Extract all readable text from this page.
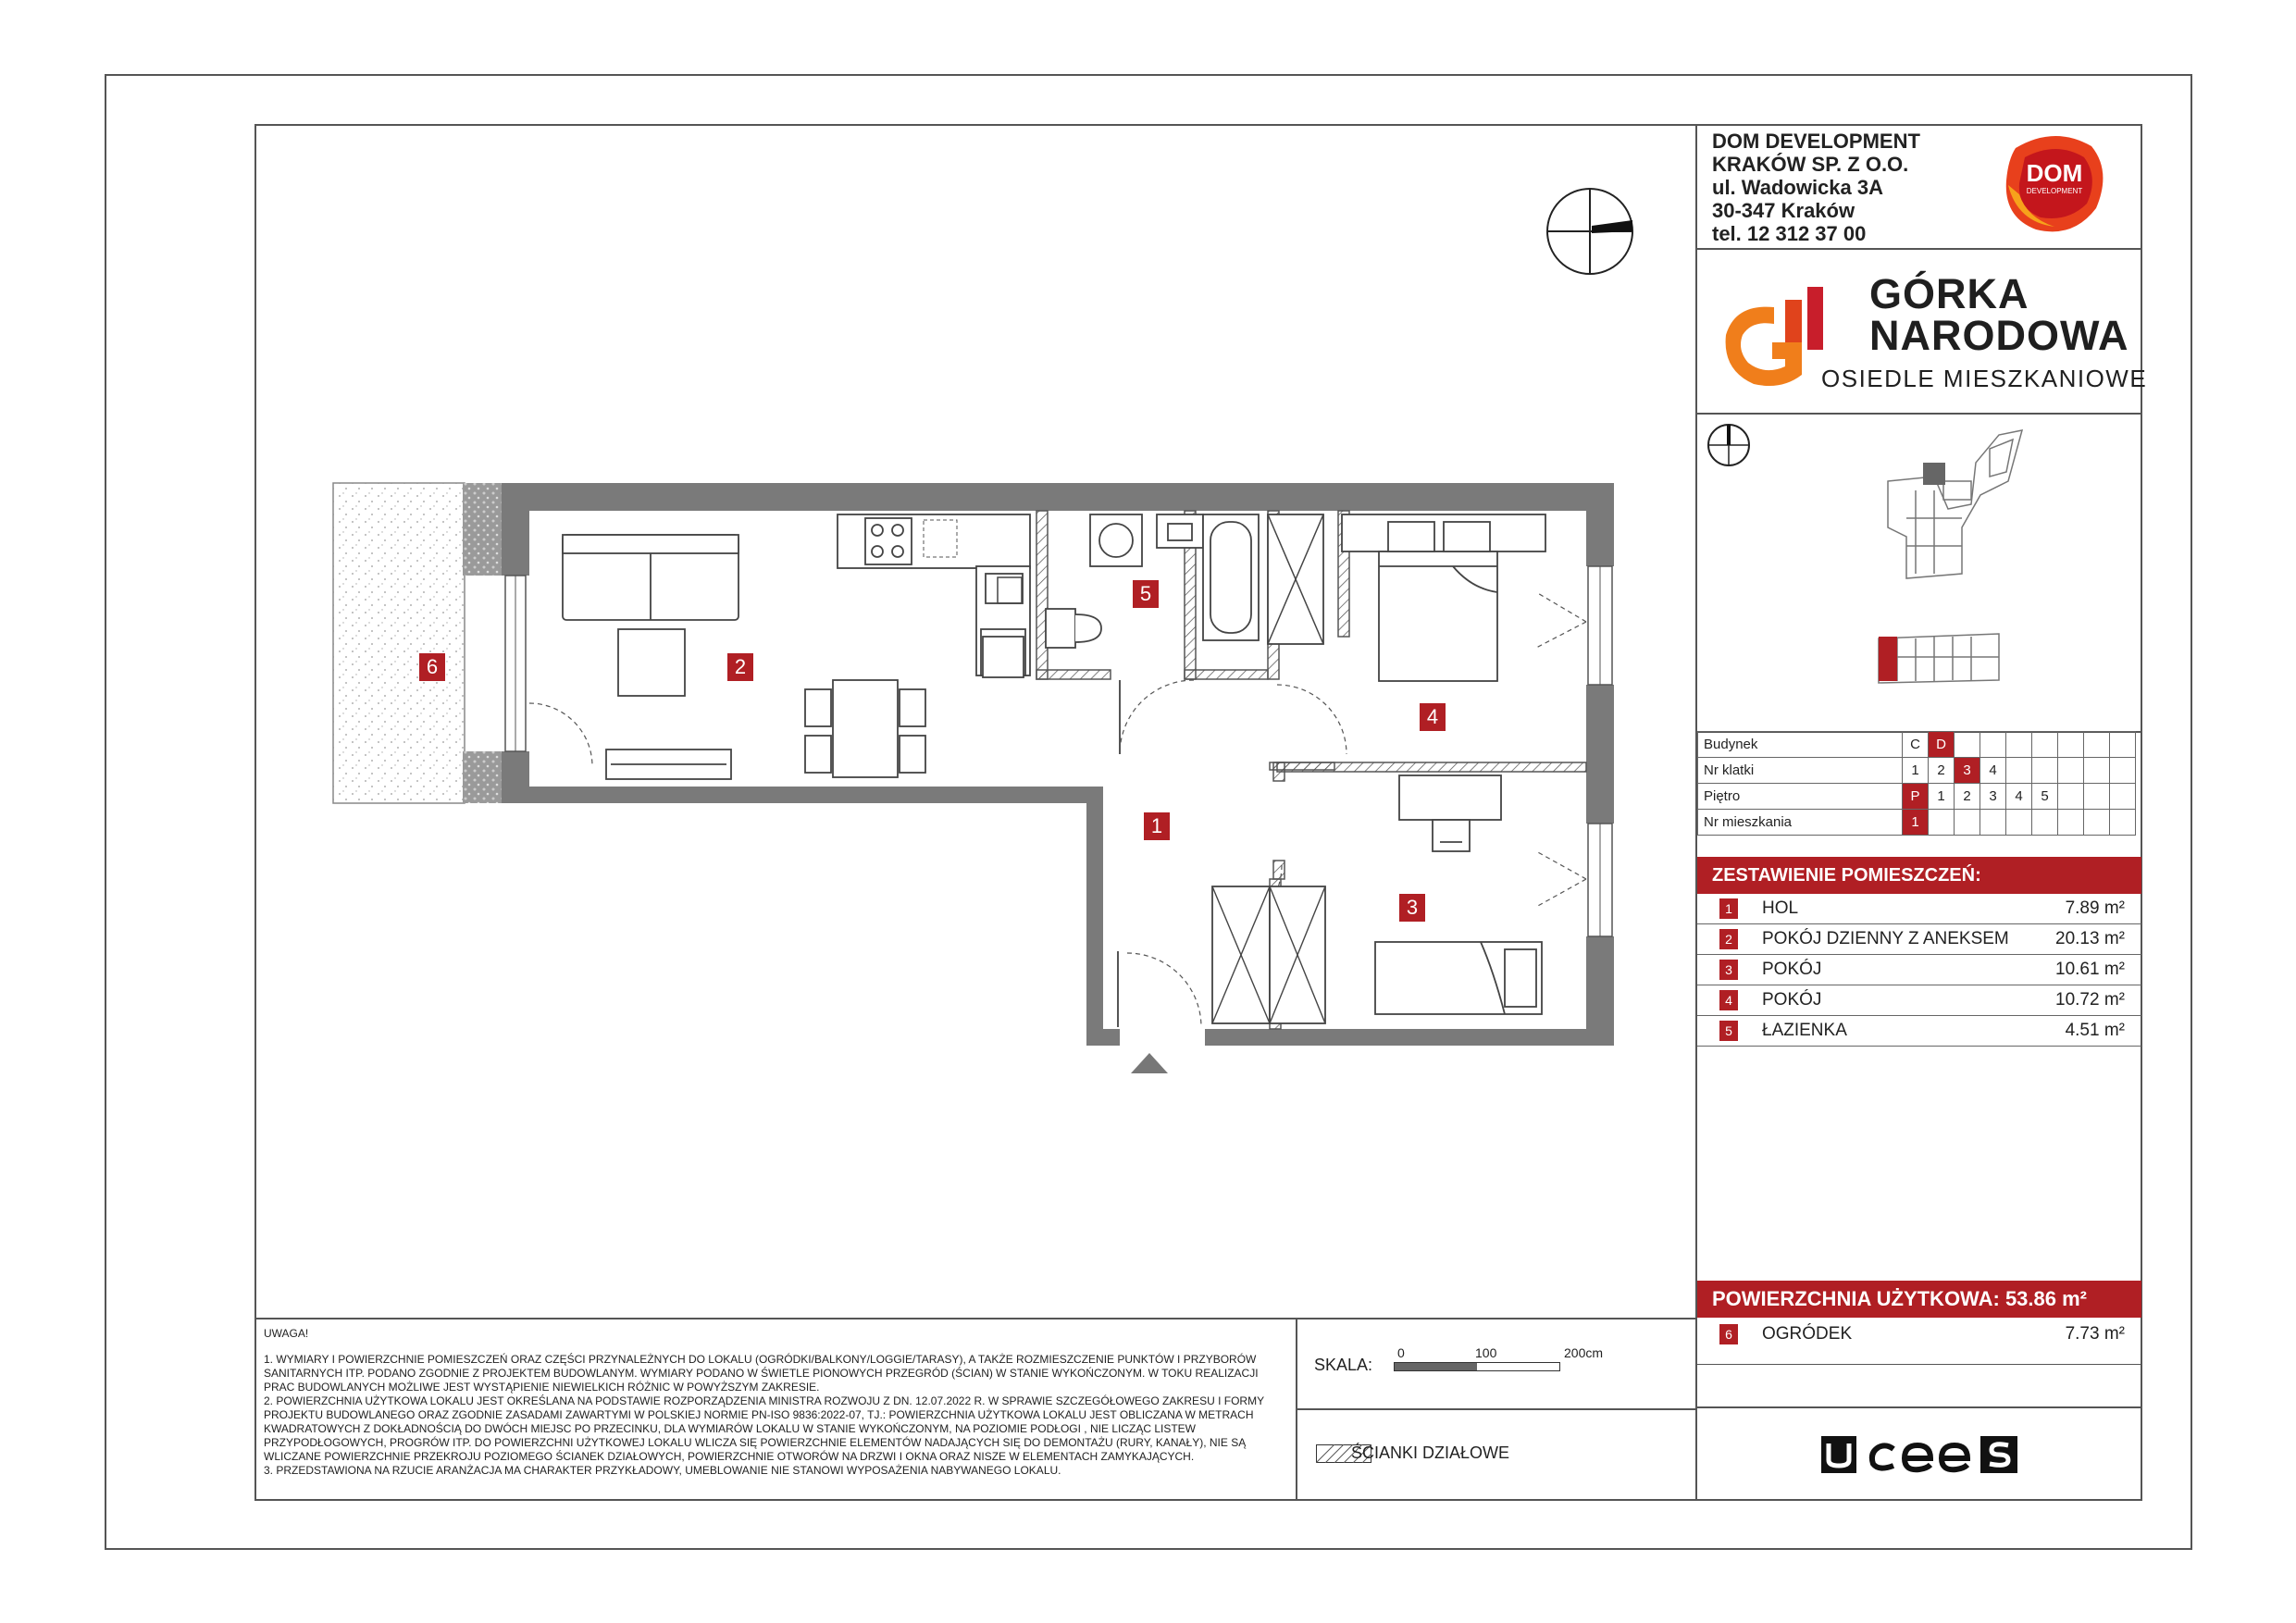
DOM DEVELOPMENT
KRAKÓW SP. Z O.O.
ul. Wadowicka 3A
30-347 Kraków
tel. 12 312 37 00
DOM
DEVELOPMENT
GÓRKA
NARODOWA
OSIEDLE MIESZKANIOWE
Budynek	C	D							
Nr klatki	1	2	3	4					
Piętro	P	1	2	3	4	5			
Nr mieszkania	1								
ZESTAWIENIE POMIESZCZEŃ:
1	HOL	7.89 m²
2	POKÓJ DZIENNY Z ANEKSEM	20.13 m²
3	POKÓJ	10.61 m²
4	POKÓJ	10.72 m²
5	ŁAZIENKA	4.51 m²
POWIERZCHNIA UŻYTKOWA: 53.86 m²
6	OGRÓDEK	7.73 m²
UWAGA!

1. WYMIARY I POWIERZCHNIE POMIESZCZEŃ ORAZ CZĘŚCI PRZYNALEŻNYCH DO LOKALU (OGRÓDKI/BALKONY/LOGGIE/TARASY), A TAKŻE ROZMIESZCZENIE PUNKTÓW I PRZYBORÓW SANITARNYCH ITP. PODANO ZGODNIE Z PROJEKTEM BUDOWLANYM. WYMIARY PODANO W ŚWIETLE PIONOWYCH PRZEGRÓD (ŚCIAN) W STANIE WYKOŃCZONYM. W TOKU REALIZACJI PRAC BUDOWLANYCH MOŻLIWE JEST WYSTĄPIENIE NIEWIELKICH RÓŻNIC W POWYŻSZYM ZAKRESIE.

2. POWIERZCHNIA UŻYTKOWA LOKALU JEST OKREŚLANA NA PODSTAWIE ROZPORZĄDZENIA MINISTRA ROZWOJU Z DN. 12.07.2022 R. W SPRAWIE SZCZEGÓŁOWEGO ZAKRESU I FORMY PROJEKTU BUDOWLANEGO ORAZ ZGODNIE ZASADAMI ZAWARTYMI W POLSKIEJ NORMIE PN-ISO 9836:2022-07, TJ.: POWIERZCHNIA UŻYTKOWA LOKALU JEST OBLICZANA W METRACH KWADRATOWYCH Z DOKŁADNOŚCIĄ DO DWÓCH MIEJSC PO PRZECINKU, DLA WYMIARÓW LOKALU W STANIE WYKOŃCZONYM, NA POZIOMIE PODŁOGI , NIE LICZĄC LISTEW PRZYPODŁOGOWYCH, PROGRÓW ITP. DO POWIERZCHNI UŻYTKOWEJ LOKALU WLICZA SIĘ POWIERZCHNIE ELEMENTÓW NADAJĄCYCH SIĘ DO DEMONTAŻU (RURY, KANAŁY), NIE SĄ WLICZANE POWIERZCHNIE PRZEKROJU POZIOMEGO ŚCIANEK DZIAŁOWYCH, POWIERZCHNIE OTWORÓW NA DRZWI I OKNA ORAZ NISZE W ELEMENTACH ZAMYKAJĄCYCH.

3. PRZEDSTAWIONA NA RZUCIE ARANŻACJA MA CHARAKTER PRZYKŁADOWY, UMEBLOWANIE NIE STANOWI WYPOSAŻENIA NABYWANEGO LOKALU.

SKALA:
0	100	200cm
ŚCIANKI DZIAŁOWE
1
2
3
4
5
6
